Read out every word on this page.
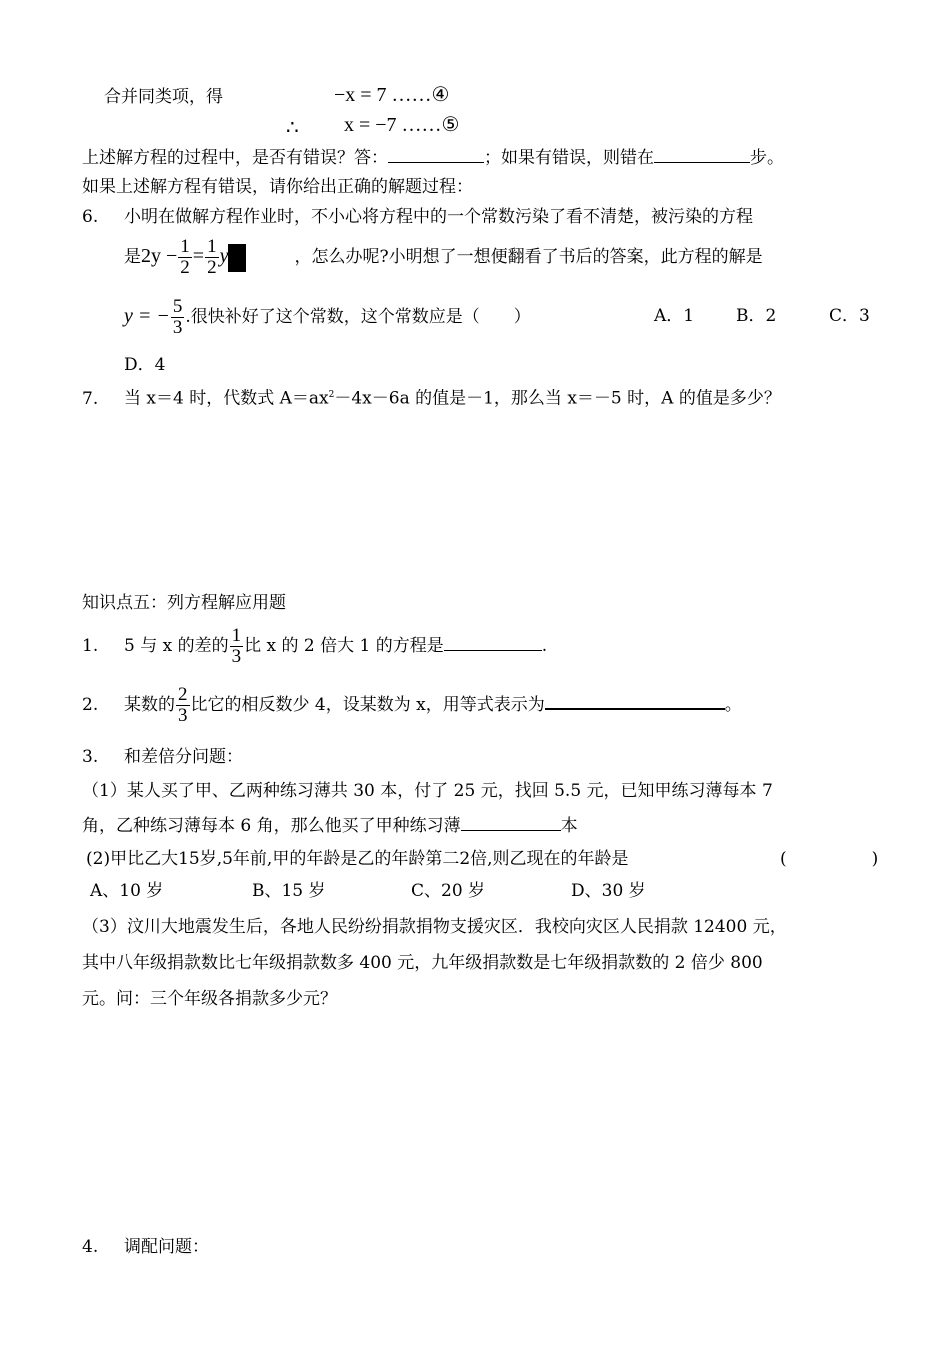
合并同类项，得	−x = 7 ……④
∴ x = −7 ……⑤
上述解方程的过程中，是否有错误？答：	；如果有错误，则错在	步。
如果上述解方程有错误，请你给出正确的解题过程：
6. 小明在做解方程作业时，不小心将方程中的一个常数污染了看不清楚，被污染的方程
是$2y - \frac{1}{2} = \frac{1}{2}$ y	，怎么办呢?小明想了一想便翻看了书后的答案，此方程的解是
y = − $\frac{5}{3}$ .很快补好了这个常数，这个常数应是（　　）	A．1 B．2	C．3
D．4
7. 当 x＝4 时，代数式 $A=ax^2-4x-6a$ 的值是－1，那么当 x＝－5 时，A 的值是多少？
知识点五：列方程解应用题
1. 5 与 x 的差的 $\frac{1}{3}$ 比 x 的 2 倍大 1 的方程是	.
2. 某数的 $\frac{2}{3}$ 比它的相反数少 4，设某数为 x，用等式表示为	。
3. 和差倍分问题：
（1）某人买了甲、乙两种练习薄共 30 本，付了 25 元，找回 5.5 元，已知甲练习薄每本 7
角，乙种练习薄每本 6 角，那么他买了甲种练习薄	本
(2)甲比乙大15岁,5年前,甲的年龄是乙的年龄第二2倍,则乙现在的年龄是	(　　　　　)
A、10 岁	B、15 岁	C、20 岁	D、30 岁
（3）汶川大地震发生后，各地人民纷纷捐款捐物支援灾区．我校向灾区人民捐款 12400 元，
其中八年级捐款数比七年级捐款数多 400 元，九年级捐款数是七年级捐款数的 2 倍少 800
元。问：三个年级各捐款多少元？
4. 调配问题：
